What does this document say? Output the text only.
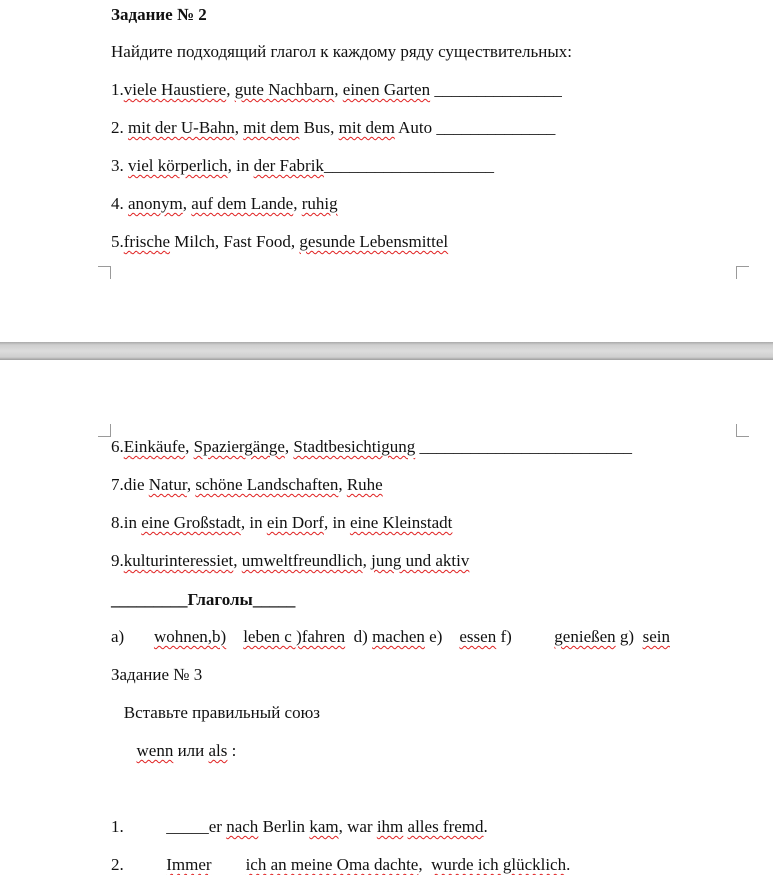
Задание № 2
Найдите подходящий глагол к каждому ряду существительных:
1.viele Haustiere, gute Nachbarn, einen Garten _______________
2. mit der U-Bahn, mit dem Bus, mit dem Auto ______________
3. viel körperlich, in der Fabrik____________________
4. anonym, auf dem Lande, ruhig
5.frische Milch, Fast Food, gesunde Lebensmittel
6.Einkäufe, Spaziergänge, Stadtbesichtigung _________________________
7.die Natur, schöne Landschaften, Ruhe
8.in eine Großstadt, in ein Dorf, in eine Kleinstadt
9.kulturinteressiet, umweltfreundlich, jung und aktiv
_________Глаголы_____
a)       wohnen,b) leben c )fahren  d) machen e)    essen f)          genießen g)  sein
Задание № 3
Вставьте правильный союз
wenn или als :
1.          _____er nach Berlin kam, war ihm alles fremd.
2.          Immer ich an meine Oma dachte,  wurde ich glücklich.
